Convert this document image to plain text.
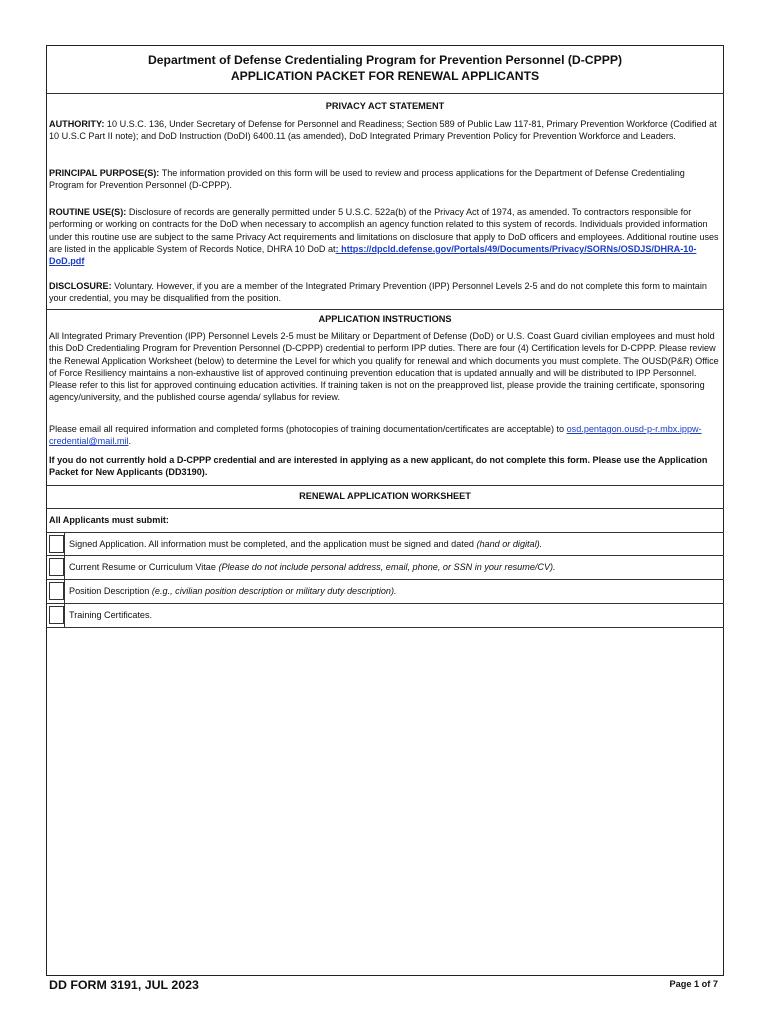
Department of Defense Credentialing Program for Prevention Personnel (D-CPPP)
APPLICATION PACKET FOR RENEWAL APPLICANTS
PRIVACY ACT STATEMENT
AUTHORITY: 10 U.S.C. 136, Under Secretary of Defense for Personnel and Readiness; Section 589 of Public Law 117-81, Primary Prevention Workforce (Codified at 10 U.S.C Part II note); and DoD Instruction (DoDI) 6400.11 (as amended), DoD Integrated Primary Prevention Policy for Prevention Workforce and Leaders.
PRINCIPAL PURPOSE(S): The information provided on this form will be used to review and process applications for the Department of Defense Credentialing Program for Prevention Personnel (D-CPPP).
ROUTINE USE(S): Disclosure of records are generally permitted under 5 U.S.C. 522a(b) of the Privacy Act of 1974, as amended. To contractors responsible for performing or working on contracts for the DoD when necessary to accomplish an agency function related to this system of records. Individuals provided information under this routine use are subject to the same Privacy Act requirements and limitations on disclosure that apply to DoD officers and employees. Additional routine uses are listed in the applicable System of Records Notice, DHRA 10 DoD at: https://dpcld.defense.gov/Portals/49/Documents/Privacy/SORNs/OSDJS/DHRA-10-DoD.pdf
DISCLOSURE: Voluntary. However, if you are a member of the Integrated Primary Prevention (IPP) Personnel Levels 2-5 and do not complete this form to maintain your credential, you may be disqualified from the position.
APPLICATION INSTRUCTIONS
All Integrated Primary Prevention (IPP) Personnel Levels 2-5 must be Military or Department of Defense (DoD) or U.S. Coast Guard civilian employees and must hold this DoD Credentialing Program for Prevention Personnel (D-CPPP) credential to perform IPP duties. There are four (4) Certification levels for D-CPPP. Please review the Renewal Application Worksheet (below) to determine the Level for which you qualify for renewal and which documents you must complete. The OUSD(P&R) Office of Force Resiliency maintains a non-exhaustive list of approved continuing prevention education that is updated annually and will be distributed to IPP Personnel. Please refer to this list for approved continuing education activities. If training taken is not on the preapproved list, please provide the training certificate, sponsoring agency/university, and the published course agenda/ syllabus for review.
Please email all required information and completed forms (photocopies of training documentation/certificates are acceptable) to osd.pentagon.ousd-p-r.mbx.ippw-credential@mail.mil.
If you do not currently hold a D-CPPP credential and are interested in applying as a new applicant, do not complete this form. Please use the Application Packet for New Applicants (DD3190).
RENEWAL APPLICATION WORKSHEET
All Applicants must submit:
Signed Application. All information must be completed, and the application must be signed and dated (hand or digital).
Current Resume or Curriculum Vitae (Please do not include personal address, email, phone, or SSN in your resume/CV).
Position Description (e.g., civilian position description or military duty description).
Training Certificates.
DD FORM 3191, JUL 2023	Page 1 of 7
